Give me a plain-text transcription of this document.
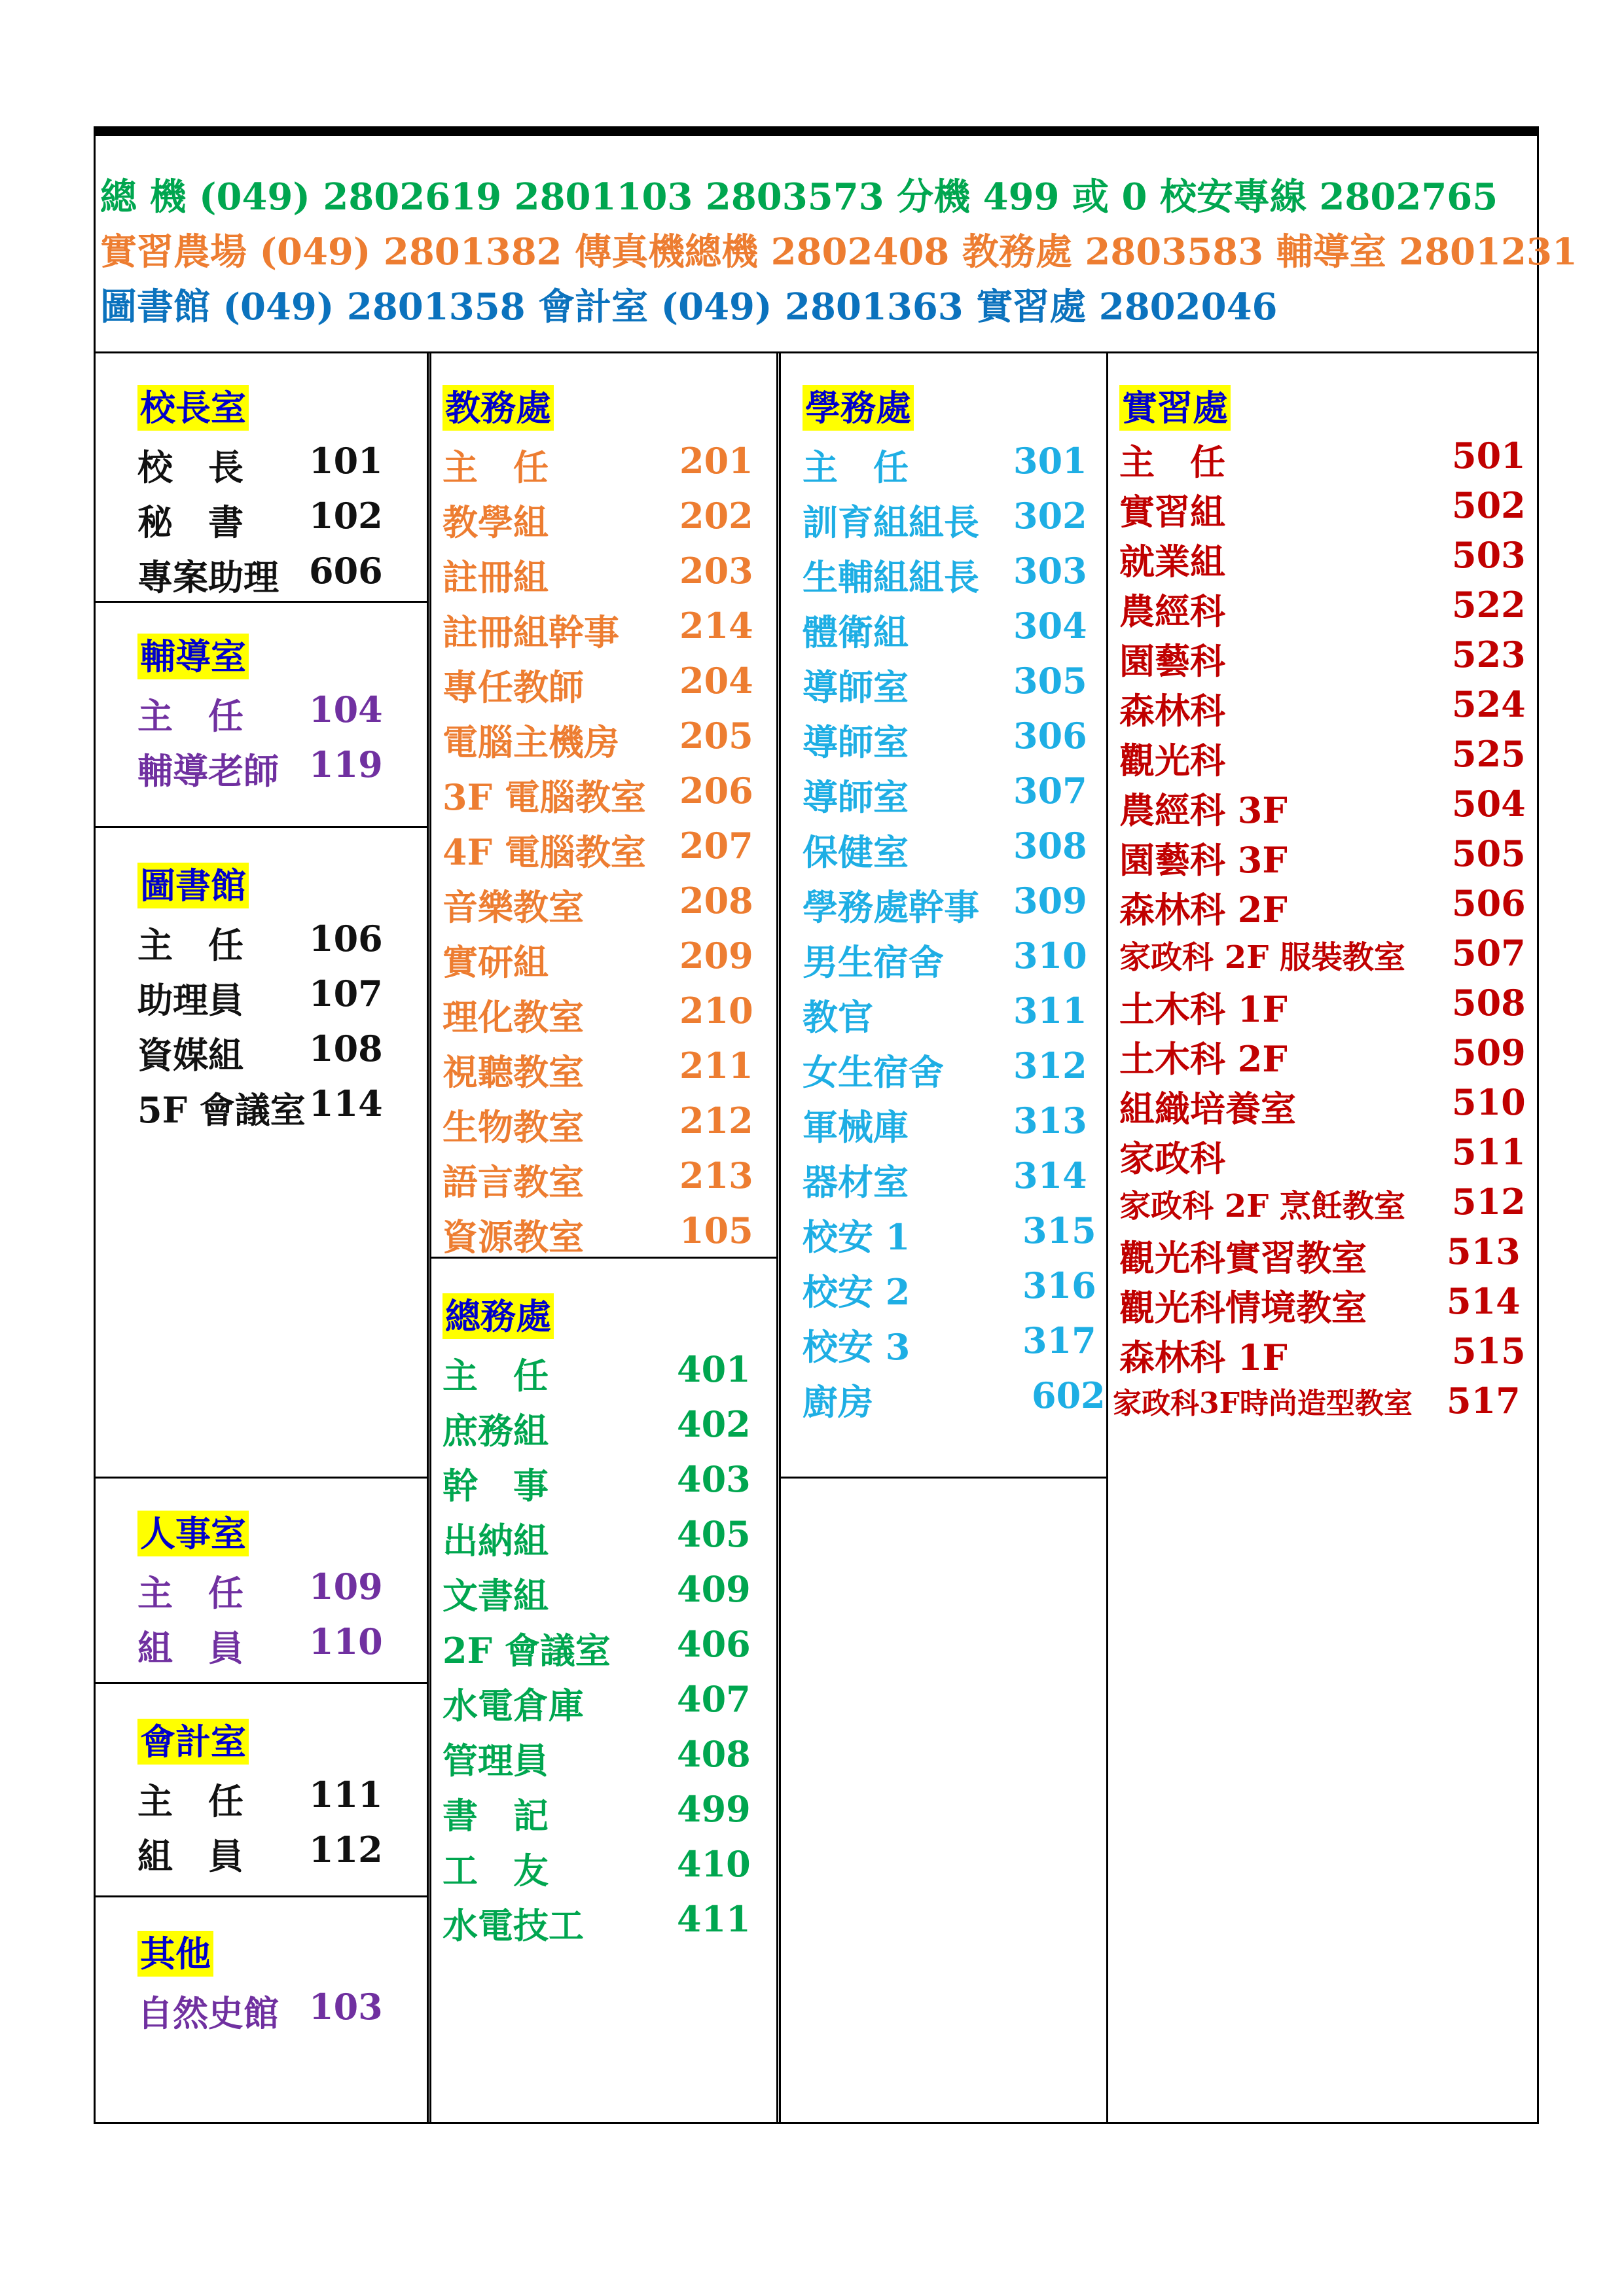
總 機 (049) 2802619 2801103 2803573 分機 499 或 0 校安專線 2802765
實習農場 (049) 2801382 傳真機總機 2802408 教務處 2803583 輔導室 2801231
圖書館 (049) 2801358 會計室 (049) 2801363 實習處 2802046
校長室
校　長 101
秘　書 102
專案助理 606
輔導室
主　任 104
輔導老師 119
圖書館
主　任 106
助理員 107
資媒組 108
5F 會議室 114
人事室
主　任 109
組　員 110
會計室
主　任 111
組　員 112
其他
自然史館 103
教務處
主　任	201
教學組	202
註冊組	203
註冊組幹事 214
專任教師	204
電腦主機房 205
3F 電腦教室 206
4F 電腦教室 207
音樂教室	208
實研組	209
理化教室	210
視聽教室	211
生物教室	212
語言教室	213
資源教室	105
總務處
主　任	401
庶務組	402
幹　事	403
出納組	405
文書組	409
2F 會議室 406
水電倉庫	407
管理員	408
書　記	499
工　友	410
水電技工	411
學務處
主　任	301
訓育組組長 302
生輔組組長 303
體衛組	304
導師室	305
導師室	306
導師室	307
保健室	308
學務處幹事 309
男生宿舍 310
教官	311
女生宿舍 312
軍械庫	313
器材室	314
校安 1	315
校安 2	316
校安 3	317
廚房	602
實習處
主　任	501
實習組	502
就業組	503
農經科	522
園藝科	523
森林科	524
觀光科	525
農經科 3F	504
園藝科 3F	505
森林科 2F	506
家政科 2F 服裝教室 507
土木科 1F	508
土木科 2F	509
組織培養室	510
家政科	511
家政科 2F 烹飪教室 512
觀光科實習教室 513
觀光科情境教室 514
森林科 1F	515
家政科3F時尚造型教室 517
